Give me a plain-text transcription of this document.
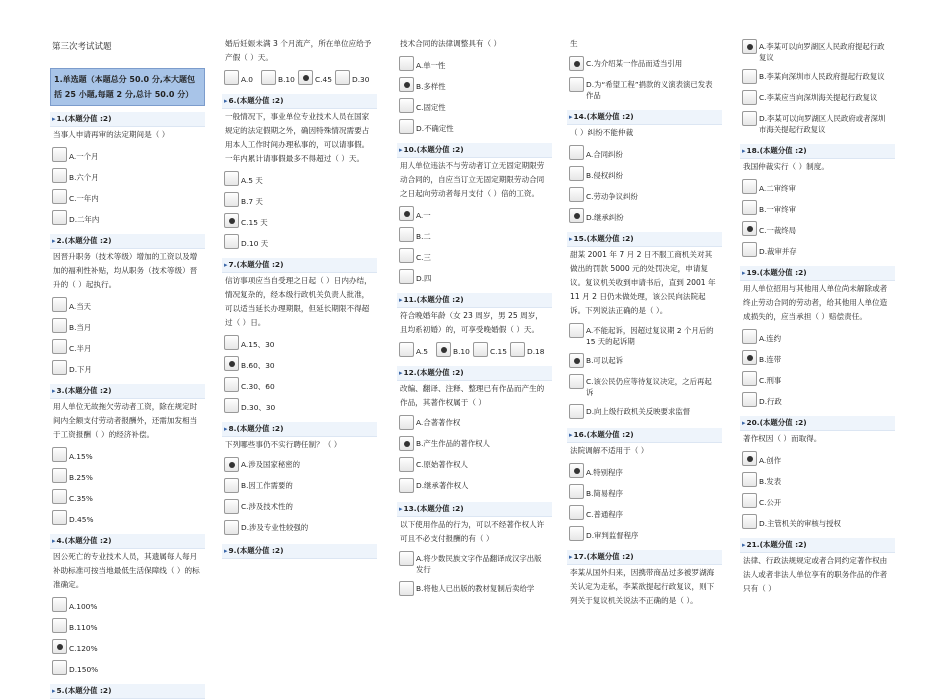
第三次考试试题
1.单选题（本题总分 50.0 分,本大题包括 25 小题,每题 2 分,总计 50.0 分）
▸ 1.(本题分值 :2)
当事人申请再审的法定期间是（ ）
A.一个月
B.六个月
C.一年内
D.二年内
▸ 2.(本题分值 :2)
因晋升职务（技术等级）增加的工资以及增加的福利性补贴，均从职务（技术等级）晋升的（ ）起执行。
A.当天
B.当月
C.半月
D.下月
▸ 3.(本题分值 :2)
用人单位无故拖欠劳动者工资，除在规定时间内全额支付劳动者报酬外，还需加发相当于工资报酬（ ）的经济补偿。
A.15%
B.25%
C.35%
D.45%
▸ 4.(本题分值 :2)
因公死亡的专业技术人员，其遗属每人每月补助标准可按当地最低生活保障线（ ）的标准确定。
A.100%
B.110%
C.120%
D.150%
▸ 5.(本题分值 :2)
婚后妊娠未满 3 个月流产，所在单位应给予产假（ ）天。
A.0	B.10	C.45	D.30
▸ 6.(本题分值 :2)
一般情况下，事业单位专业技术人员在国家规定的法定假期之外，确因特殊情况需要占用本人工作时间办理私事的，可以请事假。一年内累计请事假最多不得超过（ ）天。
A.5 天
B.7 天
C.15 天
D.10 天
▸ 7.(本题分值 :2)
信访事项应当自受理之日起（ ）日内办结，情况复杂的，经本级行政机关负责人批准，可以适当延长办理期限，但延长期限不得超过（ ）日。
A.15、30
B.60、30
C.30、60
D.30、30
▸ 8.(本题分值 :2)
下列哪些事仍不实行聘任制？（ ）
A.涉及国家秘密的
B.因工作需要的
C.涉及技术性的
D.涉及专业性较强的
▸ 9.(本题分值 :2)
技术合同的法律调整具有（ ）
A.单一性
B.多样性
C.固定性
D.不确定性
▸ 10.(本题分值 :2)
用人单位违法不与劳动者订立无固定期限劳动合同的，自应当订立无固定期限劳动合同之日起向劳动者每月支付（ ）倍的工资。
A.一
B.二
C.三
D.四
▸ 11.(本题分值 :2)
符合晚婚年龄（女 23 周岁，男 25 周岁，且均系初婚）的，可享受晚婚假（ ）天。
A.5	B.10	C.15	D.18
▸ 12.(本题分值 :2)
改编、翻译、注释、整理已有作品而产生的作品，其著作权属于（ ）
A.合著著作权
B.产生作品的著作权人
C.原始著作权人
D.继承著作权人
▸ 13.(本题分值 :2)
以下使用作品的行为，可以不经著作权人许可且不必支付报酬的有（ ）
A.将少数民族文字作品翻译成汉字出版发行
B.将他人已出版的教材复制后卖给学
生
C.为介绍某一作品而适当引用
D.为“希望工程”捐款的义演表演已发表作品
▸ 14.(本题分值 :2)
（ ）纠纷不能仲裁
A.合同纠纷
B.侵权纠纷
C.劳动争议纠纷
D.继承纠纷
▸ 15.(本题分值 :2)
甜某 2001 年 7 月 2 日不服工商机关对其做出的罚款 5000 元的处罚决定，申请复议。复议机关收到申请书后，直到 2001 年 11 月 2 日仍未做处理，该公民向法院起诉。下列说法正确的是（ ）。
A.不能起诉，因超过复议期 2 个月后的 15 天的起诉期
B.可以起诉
C.该公民仍应等待复议决定，之后再起诉
D.向上级行政机关反映要求监督
▸ 16.(本题分值 :2)
法院调解不适用于（ ）
A.特别程序
B.简易程序
C.普通程序
D.审判监督程序
▸ 17.(本题分值 :2)
李某从国外归来，因携带商品过多被罗湖海关认定为走私，李某欲提起行政复议，则下列关于复议机关说法不正确的是（ ）。
A.李某可以向罗湖区人民政府提起行政复议
B.李某向深圳市人民政府提起行政复议
C.李某应当向深圳海关提起行政复议
D.李某可以向罗湖区人民政府或者深圳市海关提起行政复议
▸ 18.(本题分值 :2)
我国仲裁实行（ ）制度。
A.二审终审
B.一审终审
C.一裁终局
D.裁审并存
▸ 19.(本题分值 :2)
用人单位招用与其他用人单位尚未解除或者终止劳动合同的劳动者，给其他用人单位造成损失的，应当承担（ ）赔偿责任。
A.连约
B.连带
C.刑事
D.行政
▸ 20.(本题分值 :2)
著作权因（ ）而取得。
A.创作
B.发表
C.公开
D.主管机关的审核与授权
▸ 21.(本题分值 :2)
法律、行政法规规定或者合同约定著作权由法人或者非法人单位享有的职务作品的作者只有（ ）
